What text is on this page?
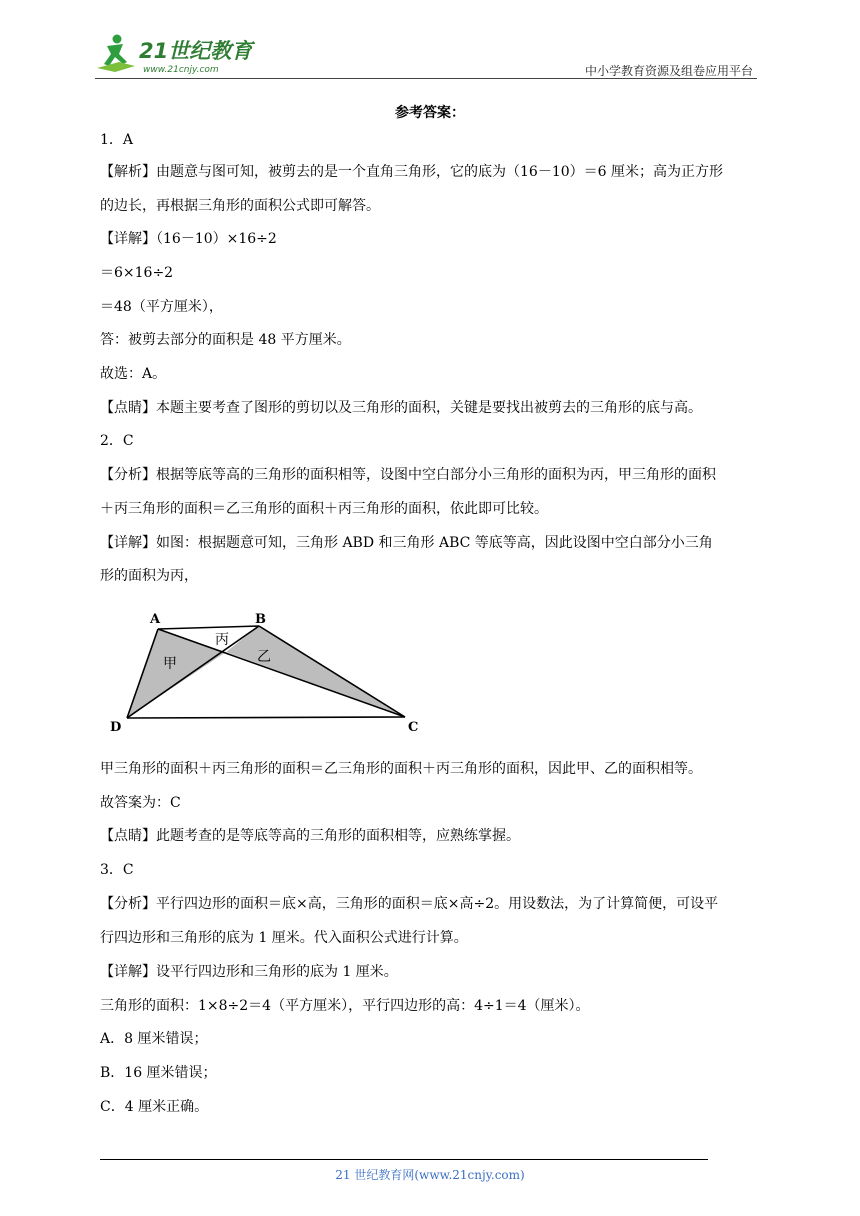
21世纪教育
www.21cnjy.com	中小学教育资源及组卷应用平台
参考答案：
1．A
【解析】由题意与图可知，被剪去的是一个直角三角形，它的底为（16－10）＝6 厘米；高为正方形
的边长，再根据三角形的面积公式即可解答。
【详解】（16－10）×16÷2
＝6×16÷2
＝48（平方厘米），
答：被剪去部分的面积是 48 平方厘米。
故选：A。
【点睛】本题主要考查了图形的剪切以及三角形的面积，关键是要找出被剪去的三角形的底与高。
2．C
【分析】根据等底等高的三角形的面积相等，设图中空白部分小三角形的面积为丙，甲三角形的面积
＋丙三角形的面积＝乙三角形的面积＋丙三角形的面积，依此即可比较。
【详解】如图：根据题意可知，三角形 ABD 和三角形 ABC 等底等高，因此设图中空白部分小三角
形的面积为丙，
A	B
C
D
甲
丙
乙
甲三角形的面积＋丙三角形的面积＝乙三角形的面积＋丙三角形的面积，因此甲、乙的面积相等。
故答案为：C
【点睛】此题考查的是等底等高的三角形的面积相等，应熟练掌握。
3．C
【分析】平行四边形的面积＝底×高，三角形的面积＝底×高÷2。用设数法，为了计算简便，可设平
行四边形和三角形的底为 1 厘米。代入面积公式进行计算。
【详解】设平行四边形和三角形的底为 1 厘米。
三角形的面积：1×8÷2＝4（平方厘米），平行四边形的高：4÷1＝4（厘米）。
A．8 厘米错误；
B．16 厘米错误；
C．4 厘米正确。
21 世纪教育网(www.21cnjy.com)
